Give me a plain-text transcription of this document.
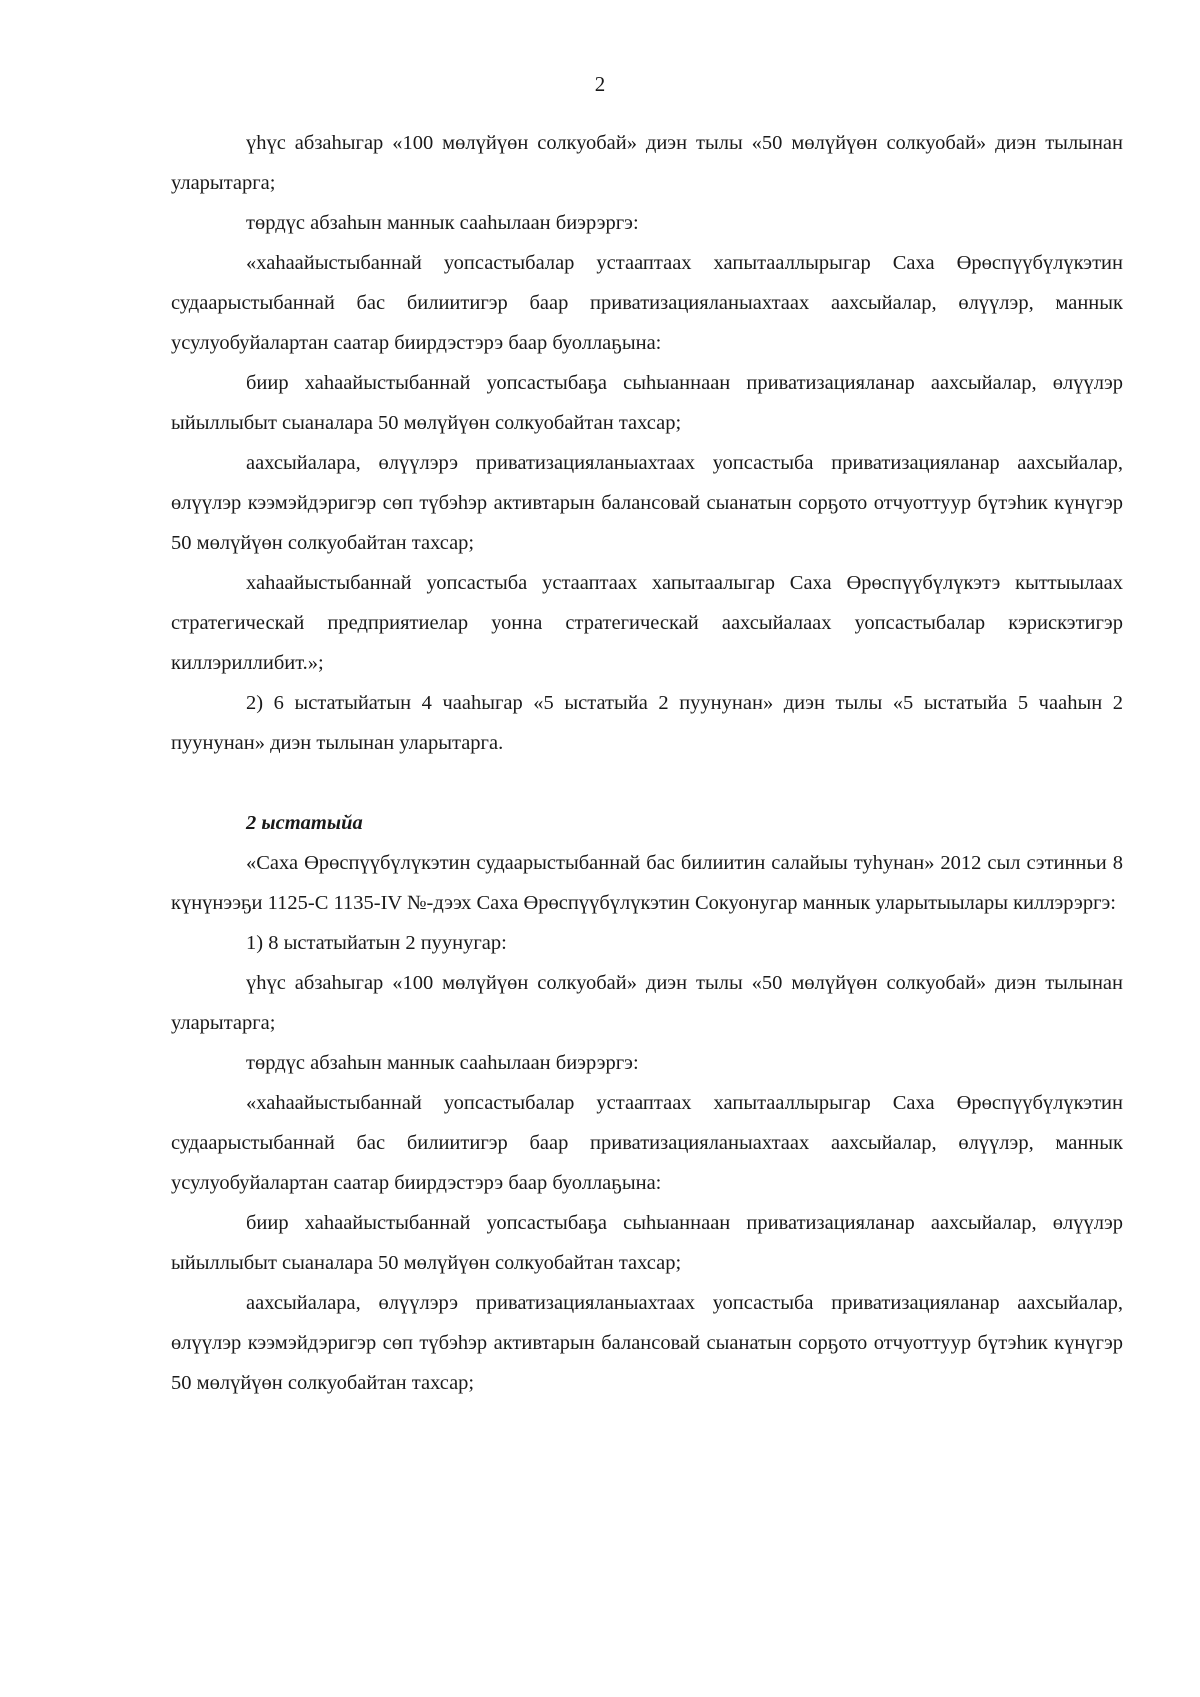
2

үһүс абзаһыгар «100 мөлүйүөн солкуобай» диэн тылы «50 мөлүйүөн солкуобай» диэн тылынан уларытарга;

төрдүс абзаһын маннык сааһылаан биэрэргэ:

«хаһаайыстыбаннай уопсастыбалар устааптаах хапытааллырыгар Саха Өрөспүүбүлүкэтин судаарыстыбаннай бас билиитигэр баар приватизацияланыахтаах аахсыйалар, өлүүлэр, маннык усулуобуйалартан саатар биирдэстэрэ баар буоллаҕына:

биир хаһаайыстыбаннай уопсастыбаҕа сыһыаннаан приватизацияланар аахсыйалар, өлүүлэр ыйыллыбыт сыаналара 50 мөлүйүөн солкуобайтан тахсар;

аахсыйалара, өлүүлэрэ приватизацияланыахтаах уопсастыба приватизацияланар аахсыйалар, өлүүлэр кээмэйдэригэр сөп түбэһэр активтарын балансовай сыанатын сорҕото отчуоттуур бүтэһик күнүгэр 50 мөлүйүөн солкуобайтан тахсар;

хаһаайыстыбаннай уопсастыба устааптаах хапытаалыгар Саха Өрөспүүбүлүкэтэ кыттыылаах стратегическай предприятиелар уонна стратегическай аахсыйалаах уопсастыбалар кэрискэтигэр киллэриллибит.»;

2) 6 ыстатыйатын 4 чааһыгар «5 ыстатыйа 2 пуунунан» диэн тылы «5 ыстатыйа 5 чааһын 2 пуунунан» диэн тылынан уларытарга.

2 ыстатыйа

«Саха Өрөспүүбүлүкэтин судаарыстыбаннай бас билиитин салайыы туһунан» 2012 сыл сэтинньи 8 күнүнээҕи 1125-С 1135-IV №-дээх Саха Өрөспүүбүлүкэтин Сокуонугар маннык уларытыылары киллэрэргэ:

1) 8 ыстатыйатын 2 пуунугар:

үһүс абзаһыгар «100 мөлүйүөн солкуобай» диэн тылы «50 мөлүйүөн солкуобай» диэн тылынан уларытарга;

төрдүс абзаһын маннык сааһылаан биэрэргэ:

«хаһаайыстыбаннай уопсастыбалар устааптаах хапытааллырыгар Саха Өрөспүүбүлүкэтин судаарыстыбаннай бас билиитигэр баар приватизацияланыахтаах аахсыйалар, өлүүлэр, маннык усулуобуйалартан саатар биирдэстэрэ баар буоллаҕына:

биир хаһаайыстыбаннай уопсастыбаҕа сыһыаннаан приватизацияланар аахсыйалар, өлүүлэр ыйыллыбыт сыаналара 50 мөлүйүөн солкуобайтан тахсар;

аахсыйалара, өлүүлэрэ приватизацияланыахтаах уопсастыба приватизацияланар аахсыйалар, өлүүлэр кээмэйдэригэр сөп түбэһэр активтарын балансовай сыанатын сорҕото отчуоттуур бүтэһик күнүгэр 50 мөлүйүөн солкуобайтан тахсар;
